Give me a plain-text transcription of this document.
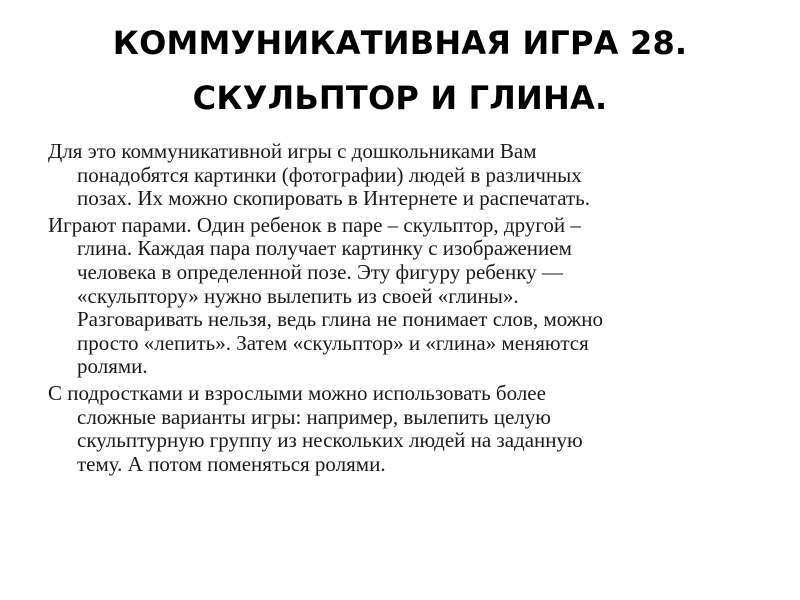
КОММУНИКАТИВНАЯ ИГРА 28.
СКУЛЬПТОР И ГЛИНА.

Для это коммуникативной игры с дошкольниками Вам
понадобятся картинки (фотографии) людей в различных
позах. Их можно скопировать в Интернете и распечатать.

Играют парами. Один ребенок в паре – скульптор, другой –
глина. Каждая пара получает картинку с изображением
человека в определенной позе. Эту фигуру ребенку —
«скульптору» нужно вылепить из своей «глины».
Разговаривать нельзя, ведь глина не понимает слов, можно
просто «лепить». Затем «скульптор» и «глина» меняются
ролями.

С подростками и взрослыми можно использовать более
сложные варианты игры: например, вылепить целую
скульптурную группу из нескольких людей на заданную
тему. А потом поменяться ролями.
